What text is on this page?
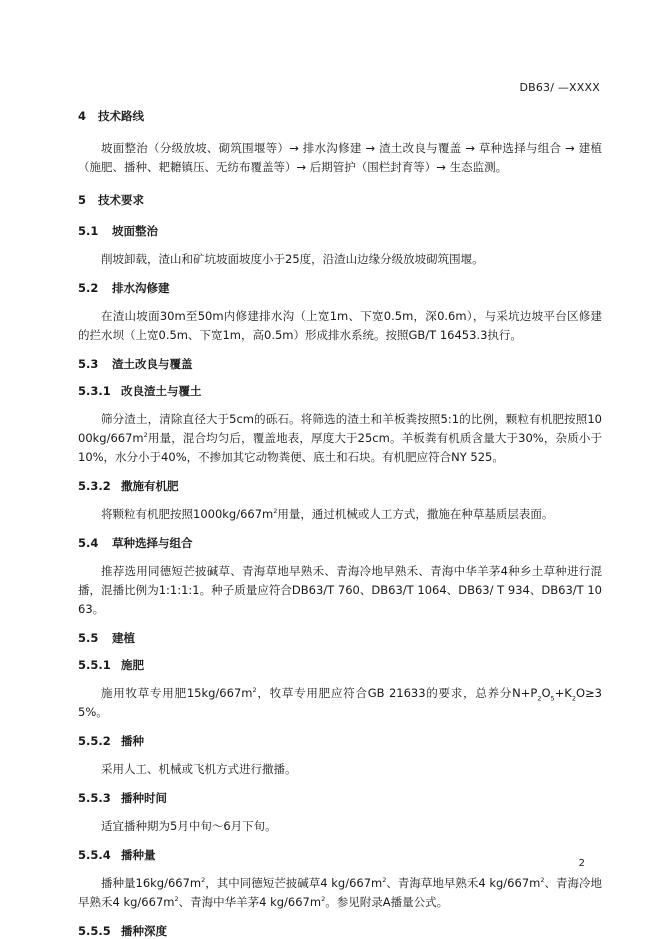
DB63/ —XXXX
4 技术路线
坡面整治（分级放坡、砌筑围堰等）→ 排水沟修建 → 渣土改良与覆盖 → 草种选择与组合 → 建植（施肥、播种、耙耱镇压、无纺布覆盖等）→ 后期管护（围栏封育等）→ 生态监测。
5 技术要求
5.1 坡面整治
削坡卸载，渣山和矿坑坡面坡度小于25度，沿渣山边缘分级放坡砌筑围堰。
5.2 排水沟修建
在渣山坡面30m至50m内修建排水沟（上宽1m、下宽0.5m，深0.6m），与采坑边坡平台区修建的拦水坝（上宽0.5m、下宽1m，高0.5m）形成排水系统。按照GB/T 16453.3执行。
5.3 渣土改良与覆盖
5.3.1 改良渣土与覆土
筛分渣土，清除直径大于5cm的砾石。将筛选的渣土和羊板粪按照5:1的比例，颗粒有机肥按照$1000kg/667m^2$用量，混合均匀后，覆盖地表，厚度大于25cm。羊板粪有机质含量大于30%，杂质小于10%，水分小于40%，不掺加其它动物粪便、底土和石块。有机肥应符合NY 525。
5.3.2 撒施有机肥
将颗粒有机肥按照$1000kg/667m^2$用量，通过机械或人工方式，撒施在种草基质层表面。
5.4 草种选择与组合
推荐选用同德短芒披碱草、青海草地早熟禾、青海冷地早熟禾、青海中华羊茅4种乡土草种进行混播，混播比例为1:1:1:1。种子质量应符合DB63/T 760、DB63/T 1064、DB63/ T 934、DB63/T 1063。
5.5 建植
5.5.1 施肥
施用牧草专用肥$15kg/667m^2$，牧草专用肥应符合GB 21633的要求，总养分$N+P_2O_5+K_2O\ge 35\%$。
5.5.2 播种
采用人工、机械或飞机方式进行撒播。
5.5.3 播种时间
适宜播种期为5月中旬～6月下旬。
5.5.4 播种量
播种量$16kg/667m^2$，其中同德短芒披碱草4 $kg/667m^2$、青海草地早熟禾4 $kg/667m^2$、青海冷地早熟禾4 $kg/667m^2$、青海中华羊茅4 $kg/667m^2$。参见附录A播量公式。
5.5.5 播种深度
2
